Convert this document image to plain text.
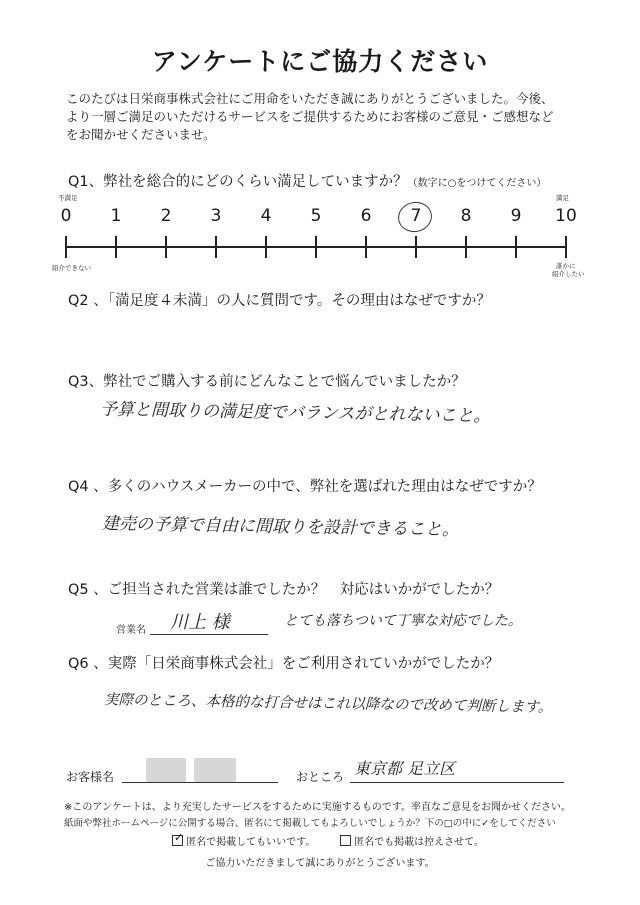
アンケートにご協力ください
このたびは日栄商事株式会社にご用命をいただき誠にありがとうございました。今後、
より一層ご満足のいただけるサービスをご提供するためにお客様のご意見・ご感想など
をお聞かせくださいませ。
Q1、弊社を総合的にどのくらい満足していますか？（数字に○をつけてください）
不満足	満足
0	1	2	3	4	5	6	7	8	9	10
紹介できない	誰かに
紹介したい
Q2 、「満足度４未満」の人に質問です。その理由はなぜですか？
Q3、弊社でご購入する前にどんなことで悩んでいましたか？
予算と間取りの満足度でバランスがとれないこと。
Q4 、多くのハウスメーカーの中で、弊社を選ばれた理由はなぜですか？
建売の予算で自由に間取りを設計できること。
Q5 、ご担当された営業は誰でしたか？　対応はいかがでしたか？
営業名 川上 様	とても落ちついて丁寧な対応でした。
Q6 、実際「日栄商事株式会社」をご利用されていかがでしたか？
実際のところ、本格的な打合せはこれ以降なので改めて判断します。
お客様名	おところ 東京都 足立区
※このアンケートは、より充実したサービスをするために実施するものです。率直なご意見をお聞かせください。
紙面や弊社ホームページに公開する場合、匿名にて掲載してもよろしいでしょうか？下の□の中に✓をしてください
✓ 匿名で掲載してもいいです。	匿名でも掲載は控えさせて。
ご協力いただきまして誠にありがとうございます。
